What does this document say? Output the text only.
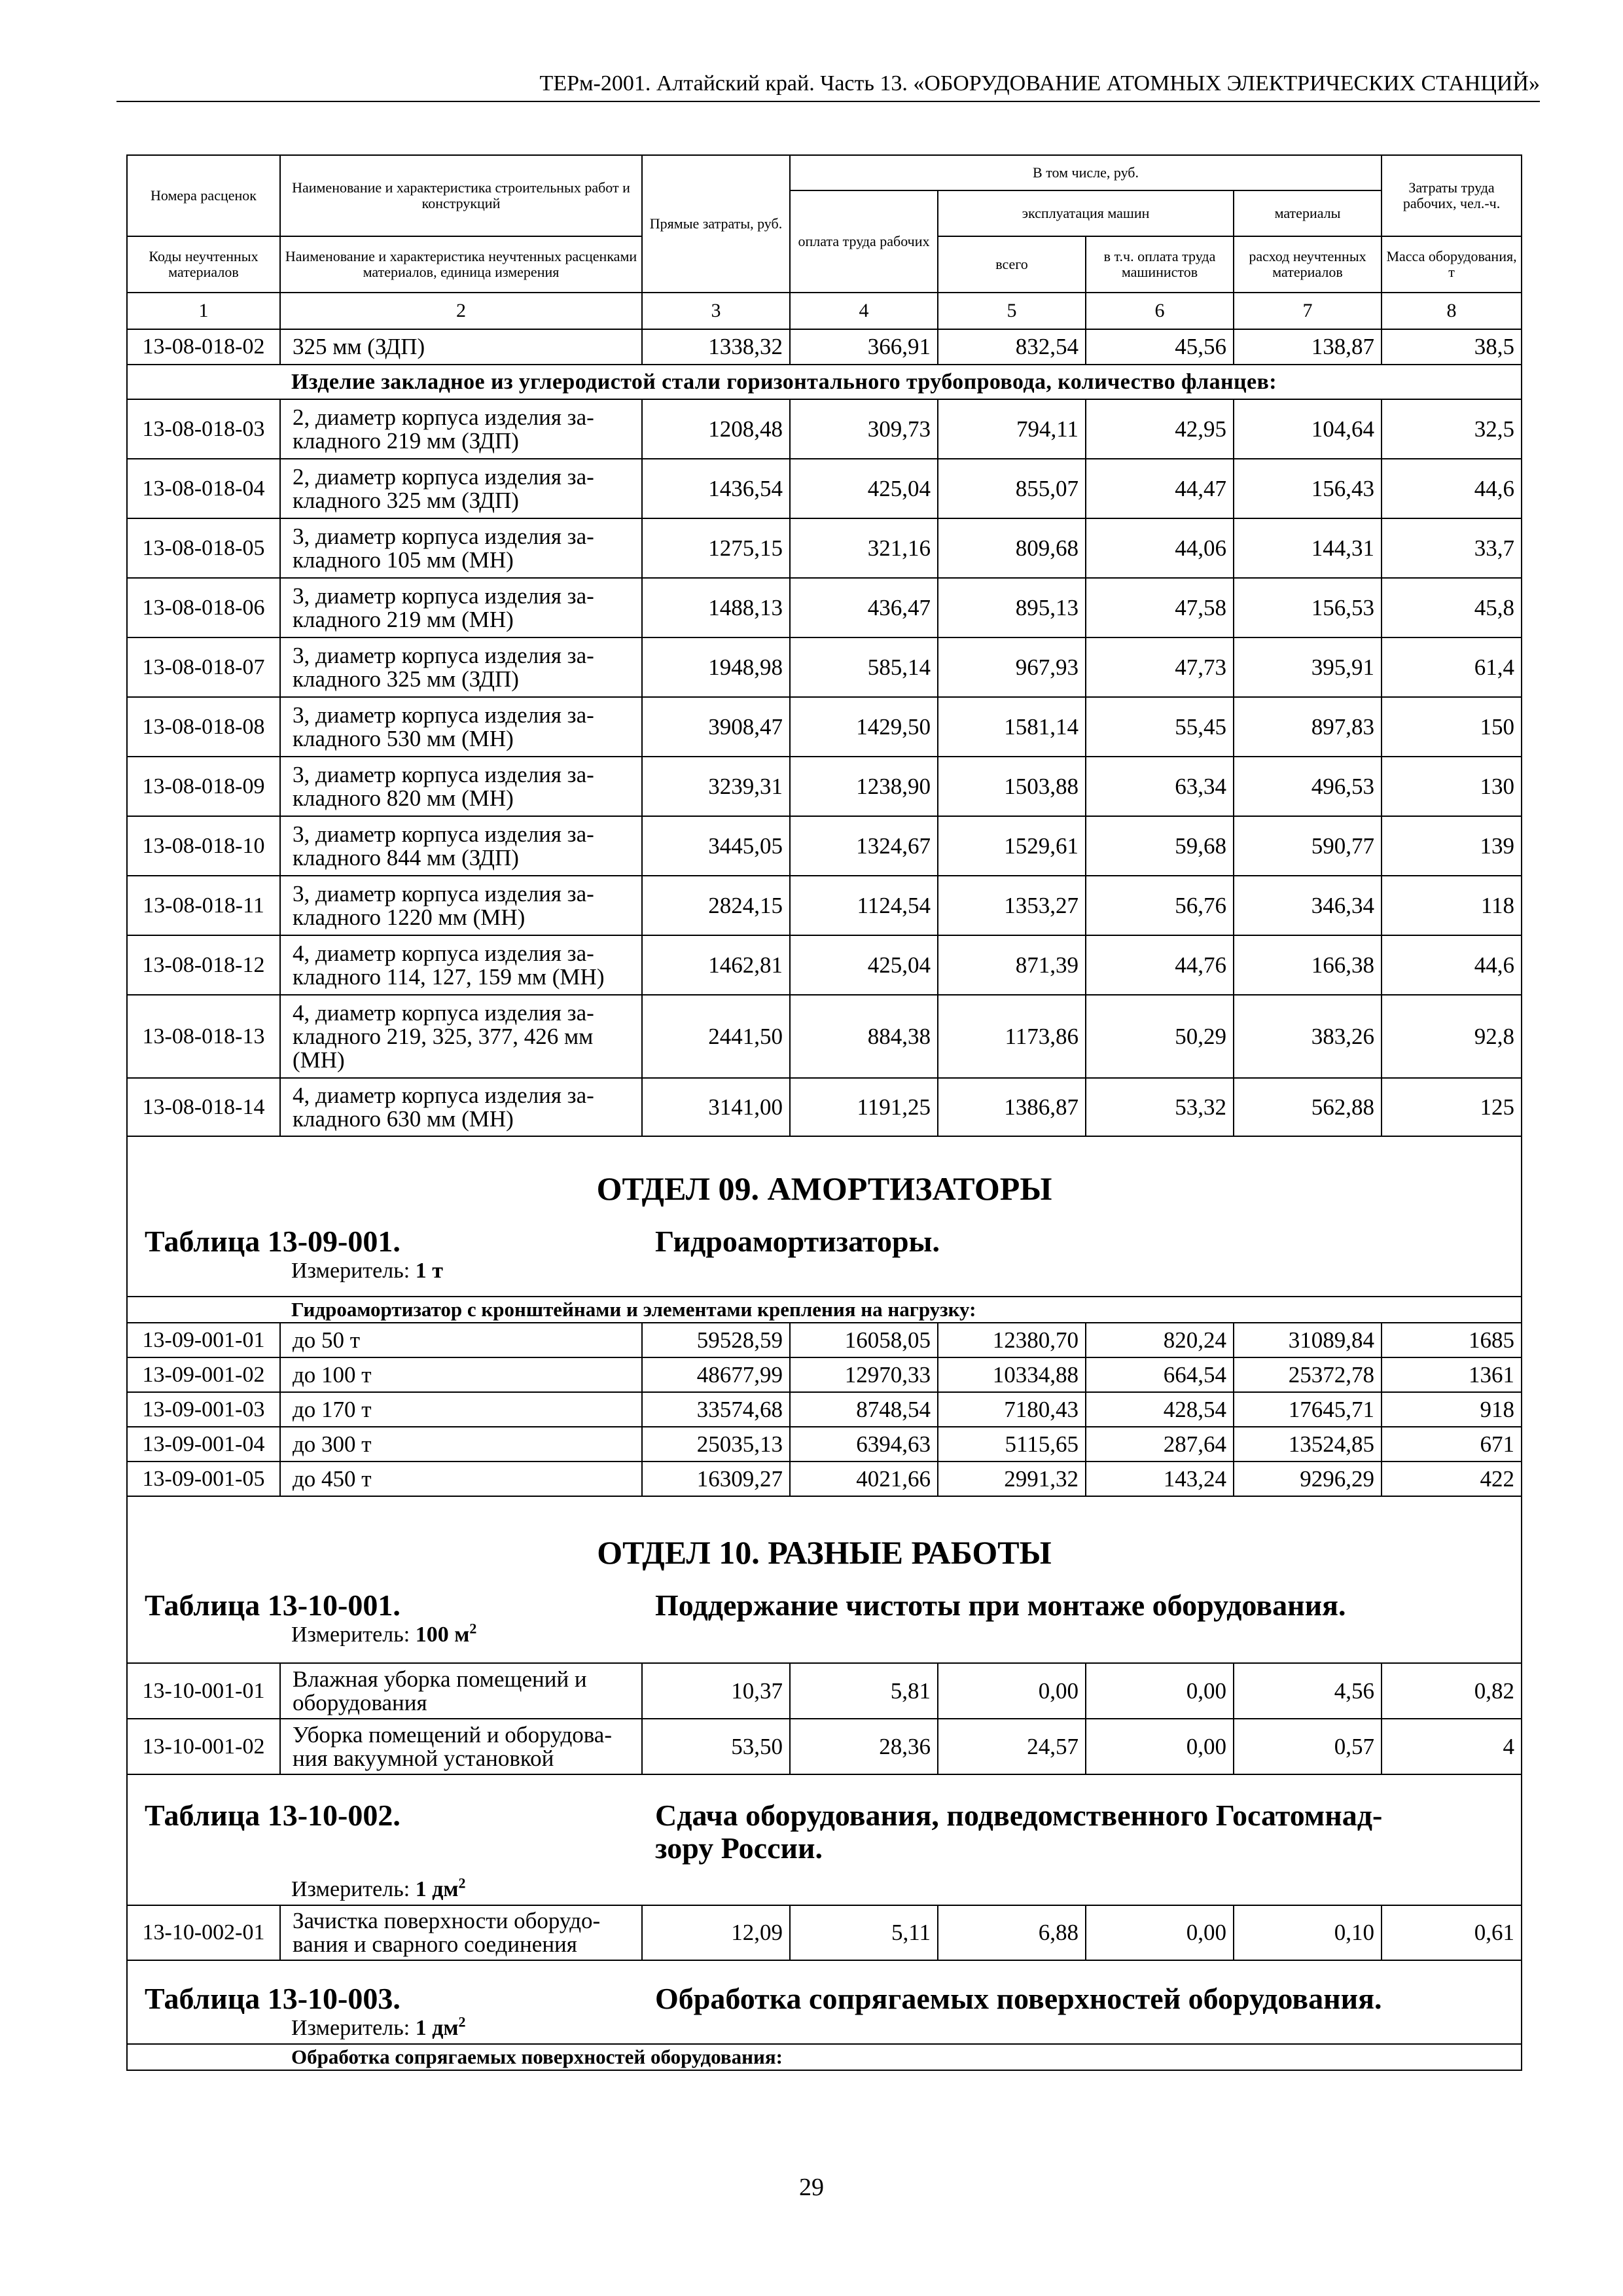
ТЕРм-2001. Алтайский край. Часть 13. «ОБОРУДОВАНИЕ АТОМНЫХ ЭЛЕКТРИЧЕСКИХ СТАНЦИЙ»
Номера расценок	Наименование и характеристика строительных работ и конструкций	Прямые затраты, руб.	В том числе, руб.				Затраты труда рабочих, чел.-ч.
			оплата труда рабочих	эксплуатация машин		материалы	
Коды неучтенных материалов	Наименование и характеристика неучтенных расценками материалов, единица измерения			всего	в т.ч. оплата труда машинистов	расход неучтенных материалов	Масса оборудования, т
1	2	3	4	5	6	7	8
13-08-018-02	325 мм (ЗДП)	1338,32	366,91	832,54	45,56	138,87	38,5
Изделие закладное из углеродистой стали горизонтального трубопровода, количество фланцев:							
13-08-018-03	2, диаметр корпуса изделия за-
кладного 219 мм (ЗДП)	1208,48	309,73	794,11	42,95	104,64	32,5
13-08-018-04	2, диаметр корпуса изделия за-
кладного 325 мм (ЗДП)	1436,54	425,04	855,07	44,47	156,43	44,6
13-08-018-05	3, диаметр корпуса изделия за-
кладного 105 мм (МН)	1275,15	321,16	809,68	44,06	144,31	33,7
13-08-018-06	3, диаметр корпуса изделия за-
кладного 219 мм (МН)	1488,13	436,47	895,13	47,58	156,53	45,8
13-08-018-07	3, диаметр корпуса изделия за-
кладного 325 мм (ЗДП)	1948,98	585,14	967,93	47,73	395,91	61,4
13-08-018-08	3, диаметр корпуса изделия за-
кладного 530 мм (МН)	3908,47	1429,50	1581,14	55,45	897,83	150
13-08-018-09	3, диаметр корпуса изделия за-
кладного 820 мм (МН)	3239,31	1238,90	1503,88	63,34	496,53	130
13-08-018-10	3, диаметр корпуса изделия за-
кладного 844 мм (ЗДП)	3445,05	1324,67	1529,61	59,68	590,77	139
13-08-018-11	3, диаметр корпуса изделия за-
кладного 1220 мм (МН)	2824,15	1124,54	1353,27	56,76	346,34	118
13-08-018-12	4, диаметр корпуса изделия за-
кладного 114, 127, 159 мм (МН)	1462,81	425,04	871,39	44,76	166,38	44,6
13-08-018-13	4, диаметр корпуса изделия за-
кладного 219, 325, 377, 426 мм
(МН)	2441,50	884,38	1173,86	50,29	383,26	92,8
13-08-018-14	4, диаметр корпуса изделия за-
кладного 630 мм (МН)	3141,00	1191,25	1386,87	53,32	562,88	125

ОТДЕЛ 09. АМОРТИЗАТОРЫ
Таблица 13-09-001. Гидроамортизаторы.
Измеритель: 1 т							

Гидроамортизатор с кронштейнами и элементами крепления на нагрузку:							
13-09-001-01	до 50 т	59528,59	16058,05	12380,70	820,24	31089,84	1685
13-09-001-02	до 100 т	48677,99	12970,33	10334,88	664,54	25372,78	1361
13-09-001-03	до 170 т	33574,68	8748,54	7180,43	428,54	17645,71	918
13-09-001-04	до 300 т	25035,13	6394,63	5115,65	287,64	13524,85	671
13-09-001-05	до 450 т	16309,27	4021,66	2991,32	143,24	9296,29	422

ОТДЕЛ 10. РАЗНЫЕ РАБОТЫ
Таблица 13-10-001. Поддержание чистоты при монтаже оборудования.
Измеритель: 100 $м^2$

13-10-001-01	Влажная уборка помещений и
оборудования	10,37	5,81	0,00	0,00	4,56	0,82
13-10-001-02	Уборка помещений и оборудова-
ния вакуумной установкой	53,50	28,36	24,57	0,00	0,57	4

Таблица 13-10-002. Сдача оборудования, подведомственного Госатомнад-
зору России.
Измеритель: 1 $дм^2$

13-10-002-01	Зачистка поверхности оборудо-
вания и сварного соединения	12,09	5,11	6,88	0,00	0,10	0,61

Таблица 13-10-003. Обработка сопрягаемых поверхностей оборудования.
Измеритель: 1 $дм^2$

Обработка сопрягаемых поверхностей оборудования:							
29
